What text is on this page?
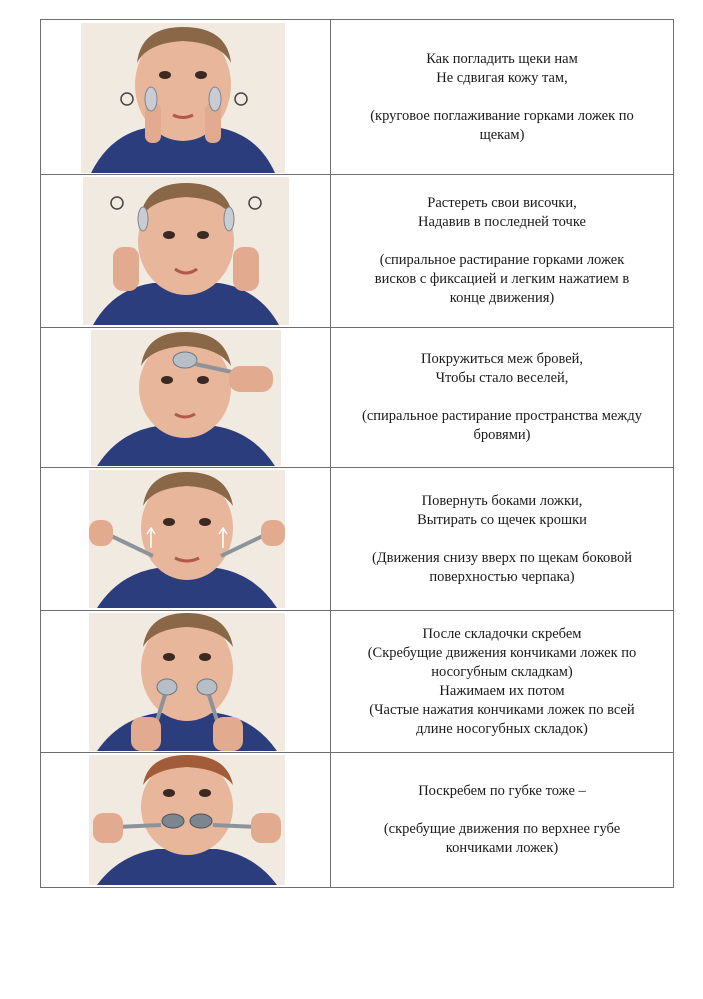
Как погладить щеки нам
Не сдвигая кожу там,
(круговое поглаживание горками ложек по
щекам)
Растереть свои височки,
Надавив в последней точке
(спиральное растирание горками ложек
висков с фиксацией и легким нажатием в
конце движения)
Покружиться меж бровей,
Чтобы стало веселей,
(спиральное растирание пространства между
бровями)
Повернуть боками ложки,
Вытирать со щечек крошки
(Движения снизу вверх по щекам боковой
поверхностью черпака)
После складочки скребем
(Скребущие движения кончиками ложек по
носогубным складкам)
Нажимаем их потом
(Частые нажатия кончиками ложек по всей
длине носогубных складок)
Поскребем по губке тоже –
(скребущие движения по верхнее губе
кончиками ложек)
